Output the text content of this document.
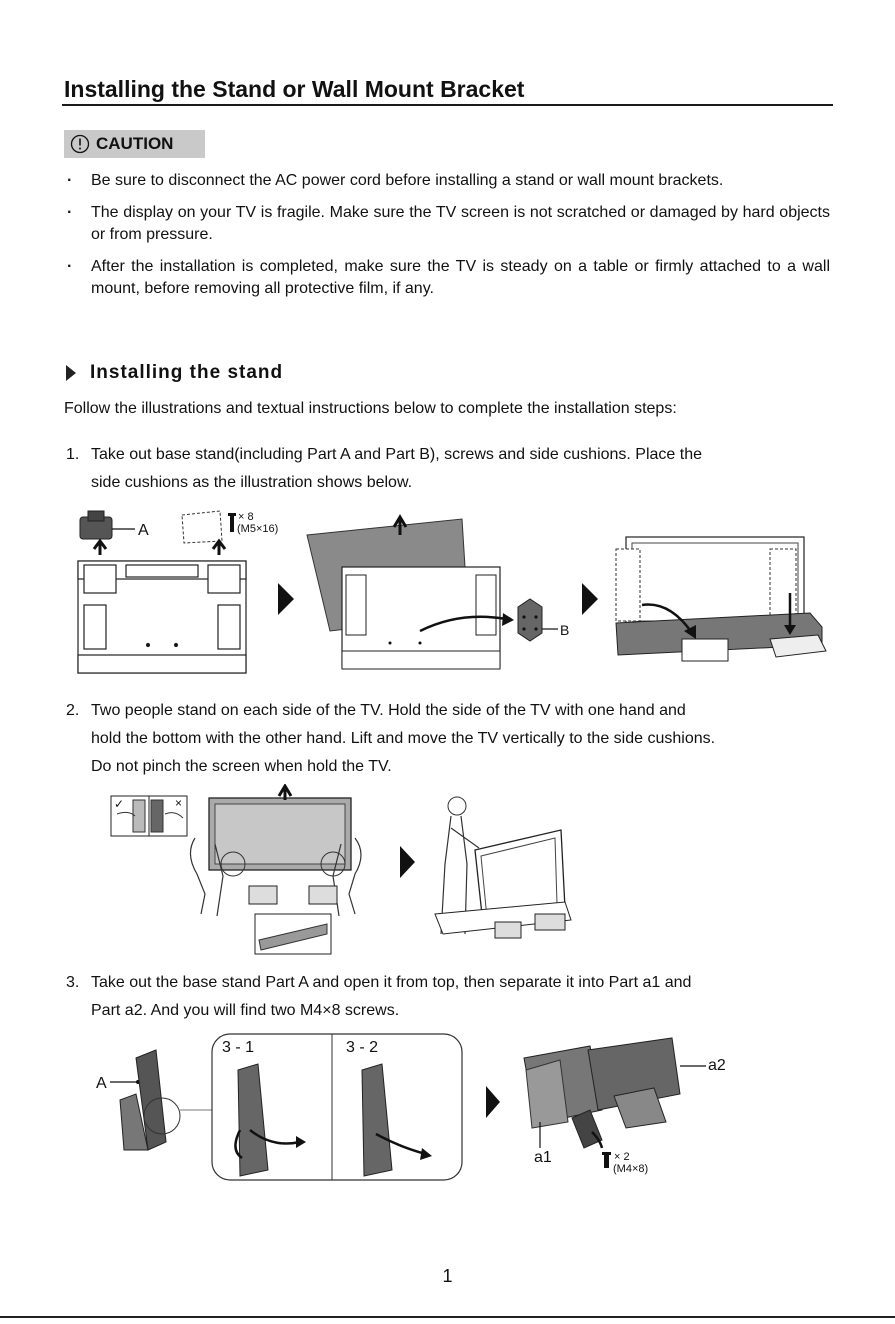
Installing the Stand or Wall Mount Bracket
CAUTION
· Be sure to disconnect the AC power cord before installing a stand or wall mount brackets.
· The display on your TV is fragile. Make sure the TV screen is not scratched or damaged by hard objects or from pressure.
· After the installation is completed, make sure the TV is steady on a table or firmly attached to a wall mount, before removing all protective film, if any.
Installing the stand
Follow the illustrations and textual instructions below to complete the installation steps:
1. Take out base stand(including Part A and Part B), screws and side cushions. Place the
side cushions as the illustration shows below.
A
× 8
(M5×16)
B
2. Two people stand on each side of the TV. Hold the side of the TV with one hand and
hold the bottom with the other hand. Lift and move the TV vertically to the side cushions.
Do not pinch the screen when hold the TV.
✓	×
3. Take out the base stand Part A and open it from top, then separate it into Part a1 and
Part a2. And you will find two M4×8 screws.
A
3 - 1	3 - 2
a2
a1	× 2
(M4×8)
1
